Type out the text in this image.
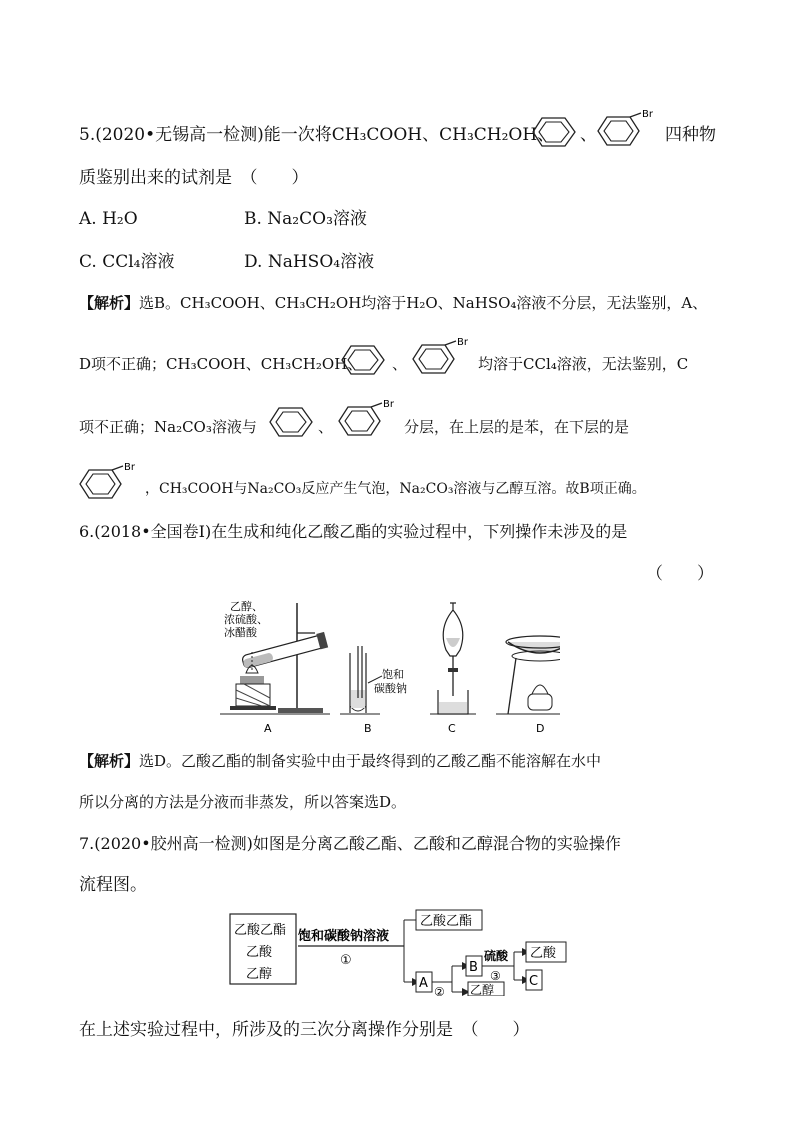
5.(2020•无锡高一检测)能一次将CH₃COOH、CH₃CH₂OH、 、
Br
四种物
质鉴别出来的试剂是　（　　）
A. H₂O	B. Na₂CO₃溶液
C. CCl₄溶液	D. NaHSO₄溶液
【解析】选B。CH₃COOH、CH₃CH₂OH均溶于H₂O、NaHSO₄溶液不分层，无法鉴别，A、
D项不正确；CH₃COOH、CH₃CH₂OH、 、
Br
均溶于CCl₄溶液，无法鉴别，C
项不正确；Na₂CO₃溶液与	、
Br
分层，在上层的是苯，在下层的是
Br
，CH₃COOH与Na₂CO₃反应产生气泡，Na₂CO₃溶液与乙醇互溶。故B项正确。
6.(2018•全国卷Ⅰ)在生成和纯化乙酸乙酯的实验过程中，下列操作未涉及的是
（　　）
乙醇、
浓硫酸、
冰醋酸
A
饱和
碳酸钠
B	C	D
【解析】选D。乙酸乙酯的制备实验中由于最终得到的乙酸乙酯不能溶解在水中
所以分离的方法是分液而非蒸发，所以答案选D。
7.(2020•胶州高一检测)如图是分离乙酸乙酯、乙酸和乙醇混合物的实验操作
流程图。
乙酸乙酯
乙酸
乙醇
饱和碳酸钠溶液
①
乙酸乙酯
A
②
B
乙醇
硫酸
③
乙酸
C
在上述实验过程中，所涉及的三次分离操作分别是　（　　）
